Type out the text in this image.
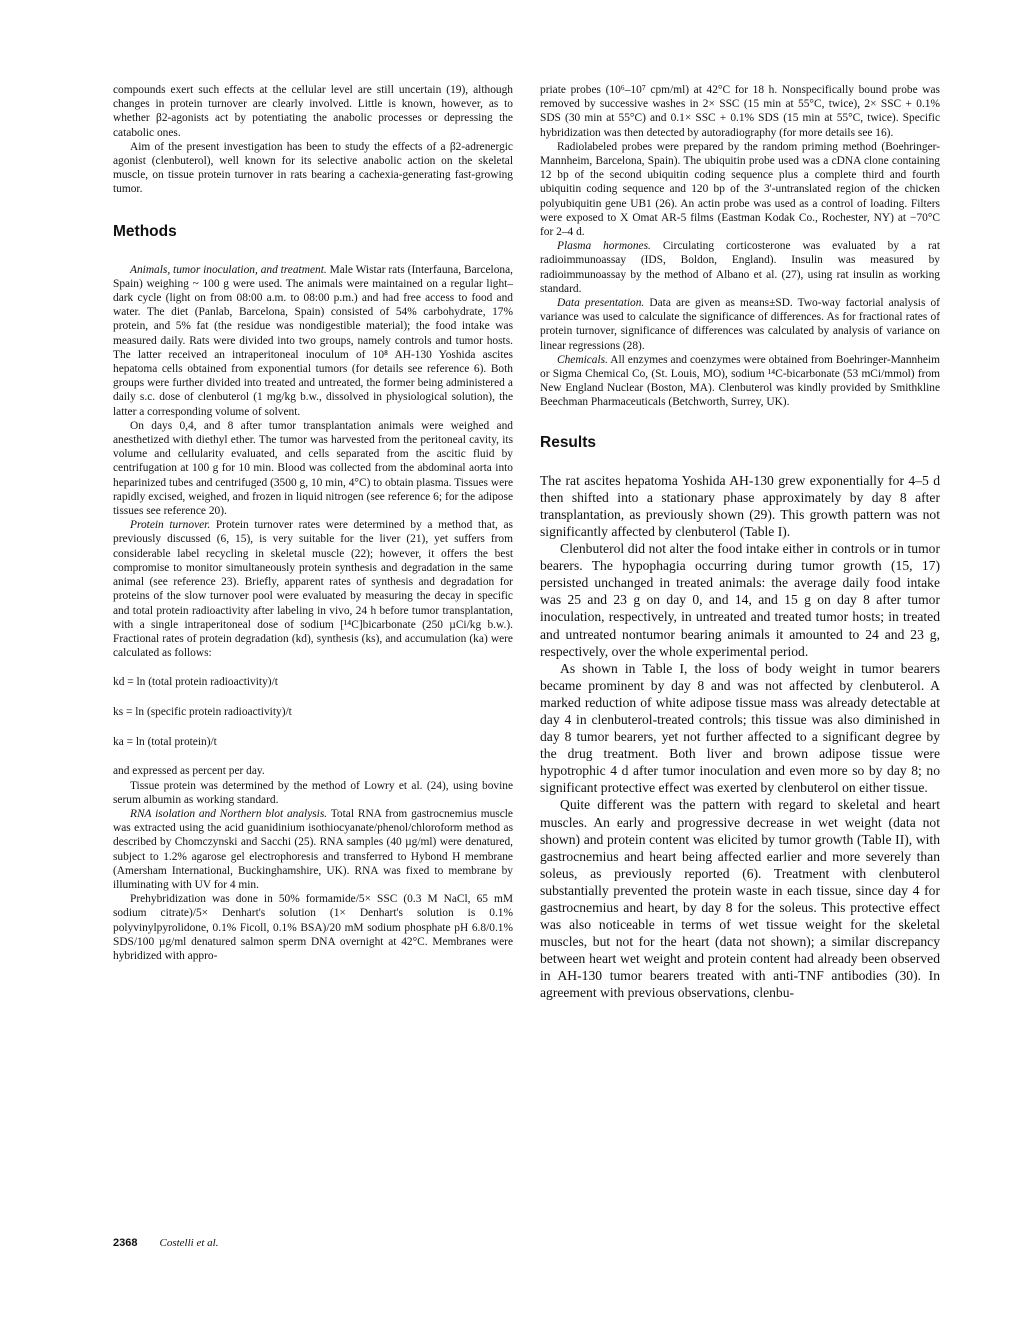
compounds exert such effects at the cellular level are still uncertain (19), although changes in protein turnover are clearly involved. Little is known, however, as to whether β2-agonists act by potentiating the anabolic processes or depressing the catabolic ones.

Aim of the present investigation has been to study the effects of a β2-adrenergic agonist (clenbuterol), well known for its selective anabolic action on the skeletal muscle, on tissue protein turnover in rats bearing a cachexia-generating fast-growing tumor.

Methods

Animals, tumor inoculation, and treatment. Male Wistar rats (Interfauna, Barcelona, Spain) weighing ~ 100 g were used. The animals were maintained on a regular light–dark cycle (light on from 08:00 a.m. to 08:00 p.m.) and had free access to food and water. The diet (Panlab, Barcelona, Spain) consisted of 54% carbohydrate, 17% protein, and 5% fat (the residue was nondigestible material); the food intake was measured daily. Rats were divided into two groups, namely controls and tumor hosts. The latter received an intraperitoneal inoculum of 10⁸ AH-130 Yoshida ascites hepatoma cells obtained from exponential tumors (for details see reference 6). Both groups were further divided into treated and untreated, the former being administered a daily s.c. dose of clenbuterol (1 mg/kg b.w., dissolved in physiological solution), the latter a corresponding volume of solvent.

On days 0,4, and 8 after tumor transplantation animals were weighed and anesthetized with diethyl ether. The tumor was harvested from the peritoneal cavity, its volume and cellularity evaluated, and cells separated from the ascitic fluid by centrifugation at 100 g for 10 min. Blood was collected from the abdominal aorta into heparinized tubes and centrifuged (3500 g, 10 min, 4°C) to obtain plasma. Tissues were rapidly excised, weighed, and frozen in liquid nitrogen (see reference 6; for the adipose tissues see reference 20).

Protein turnover. Protein turnover rates were determined by a method that, as previously discussed (6, 15), is very suitable for the liver (21), yet suffers from considerable label recycling in skeletal muscle (22); however, it offers the best compromise to monitor simultaneously protein synthesis and degradation in the same animal (see reference 23). Briefly, apparent rates of synthesis and degradation for proteins of the slow turnover pool were evaluated by measuring the decay in specific and total protein radioactivity after labeling in vivo, 24 h before tumor transplantation, with a single intraperitoneal dose of sodium [¹⁴C]bicarbonate (250 µCi/kg b.w.). Fractional rates of protein degradation (kd), synthesis (ks), and accumulation (ka) were calculated as follows:

kd = ln (total protein radioactivity)/t

ks = ln (specific protein radioactivity)/t

ka = ln (total protein)/t

and expressed as percent per day.

Tissue protein was determined by the method of Lowry et al. (24), using bovine serum albumin as working standard.

RNA isolation and Northern blot analysis. Total RNA from gastrocnemius muscle was extracted using the acid guanidinium isothiocyanate/phenol/chloroform method as described by Chomczynski and Sacchi (25). RNA samples (40 µg/ml) were denatured, subject to 1.2% agarose gel electrophoresis and transferred to Hybond H membrane (Amersham International, Buckinghamshire, UK). RNA was fixed to membrane by illuminating with UV for 4 min.

Prehybridization was done in 50% formamide/5× SSC (0.3 M NaCl, 65 mM sodium citrate)/5× Denhart's solution (1× Denhart's solution is 0.1% polyvinylpyrolidone, 0.1% Ficoll, 0.1% BSA)/20 mM sodium phosphate pH 6.8/0.1% SDS/100 µg/ml denatured salmon sperm DNA overnight at 42°C. Membranes were hybridized with appro-

priate probes (10⁶–10⁷ cpm/ml) at 42°C for 18 h. Nonspecifically bound probe was removed by successive washes in 2× SSC (15 min at 55°C, twice), 2× SSC + 0.1% SDS (30 min at 55°C) and 0.1× SSC + 0.1% SDS (15 min at 55°C, twice). Specific hybridization was then detected by autoradiography (for more details see 16).

Radiolabeled probes were prepared by the random priming method (Boehringer-Mannheim, Barcelona, Spain). The ubiquitin probe used was a cDNA clone containing 12 bp of the second ubiquitin coding sequence plus a complete third and fourth ubiquitin coding sequence and 120 bp of the 3'-untranslated region of the chicken polyubiquitin gene UB1 (26). An actin probe was used as a control of loading. Filters were exposed to X Omat AR-5 films (Eastman Kodak Co., Rochester, NY) at −70°C for 2–4 d.

Plasma hormones. Circulating corticosterone was evaluated by a rat radioimmunoassay (IDS, Boldon, England). Insulin was measured by radioimmunoassay by the method of Albano et al. (27), using rat insulin as working standard.

Data presentation. Data are given as means±SD. Two-way factorial analysis of variance was used to calculate the significance of differences. As for fractional rates of protein turnover, significance of differences was calculated by analysis of variance on linear regressions (28).

Chemicals. All enzymes and coenzymes were obtained from Boehringer-Mannheim or Sigma Chemical Co, (St. Louis, MO), sodium ¹⁴C-bicarbonate (53 mCi/mmol) from New England Nuclear (Boston, MA). Clenbuterol was kindly provided by Smithkline Beechman Pharmaceuticals (Betchworth, Surrey, UK).

Results

The rat ascites hepatoma Yoshida AH-130 grew exponentially for 4–5 d then shifted into a stationary phase approximately by day 8 after transplantation, as previously shown (29). This growth pattern was not significantly affected by clenbuterol (Table I).

Clenbuterol did not alter the food intake either in controls or in tumor bearers. The hypophagia occurring during tumor growth (15, 17) persisted unchanged in treated animals: the average daily food intake was 25 and 23 g on day 0, and 14, and 15 g on day 8 after tumor inoculation, respectively, in untreated and treated tumor hosts; in treated and untreated nontumor bearing animals it amounted to 24 and 23 g, respectively, over the whole experimental period.

As shown in Table I, the loss of body weight in tumor bearers became prominent by day 8 and was not affected by clenbuterol. A marked reduction of white adipose tissue mass was already detectable at day 4 in clenbuterol-treated controls; this tissue was also diminished in day 8 tumor bearers, yet not further affected to a significant degree by the drug treatment. Both liver and brown adipose tissue were hypotrophic 4 d after tumor inoculation and even more so by day 8; no significant protective effect was exerted by clenbuterol on either tissue.

Quite different was the pattern with regard to skeletal and heart muscles. An early and progressive decrease in wet weight (data not shown) and protein content was elicited by tumor growth (Table II), with gastrocnemius and heart being affected earlier and more severely than soleus, as previously reported (6). Treatment with clenbuterol substantially prevented the protein waste in each tissue, since day 4 for gastrocnemius and heart, by day 8 for the soleus. This protective effect was also noticeable in terms of wet tissue weight for the skeletal muscles, but not for the heart (data not shown); a similar discrepancy between heart wet weight and protein content had already been observed in AH-130 tumor bearers treated with anti-TNF antibodies (30). In agreement with previous observations, clenbu-

2368 Costelli et al.
